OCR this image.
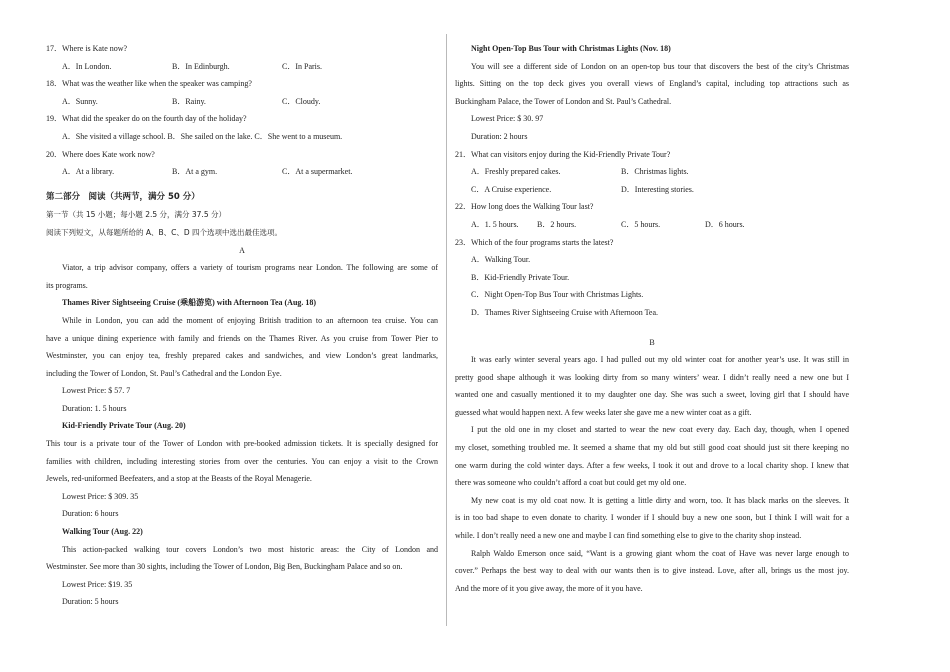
17．Where is Kate now?
A．In London.	B．In Edinburgh.	C．In Paris.
18．What was the weather like when the speaker was camping?
A．Sunny.	B．Rainy.	C．Cloudy.
19．What did the speaker do on the fourth day of the holiday?
A．She visited a village school. B．She sailed on the lake. C．She went to a museum.
20．Where does Kate work now?
A．At a library.	B．At a gym.	C．At a supermarket.
第二部分　阅读（共两节，满分 50 分）
第一节（共 15 小题；每小题 2.5 分，满分 37.5 分）
阅读下列短文，从每题所给的 A、B、C、D 四个选项中选出最佳选项。
A
Viator, a trip advisor company, offers a variety of tourism programs near London. The following are some of
its programs.
Thames River Sightseeing Cruise (乘船游览) with Afternoon Tea (Aug. 18)
While in London, you can add the moment of enjoying British tradition to an afternoon tea cruise. You can
have a unique dining experience with family and friends on the Thames River. As you cruise from Tower Pier to
Westminster, you can enjoy tea, freshly prepared cakes and sandwiches, and view London’s great landmarks,
including the Tower of London, St. Paul’s Cathedral and the London Eye.
Lowest Price: $ 57. 7
Duration: 1. 5 hours
Kid-Friendly Private Tour (Aug. 20)
This tour is a private tour of the Tower of London with pre-booked admission tickets. It is specially designed for
families with children, including interesting stories from over the centuries. You can enjoy a visit to the Crown
Jewels, red-uniformed Beefeaters, and a stop at the Beasts of the Royal Menagerie.
Lowest Price: $ 309. 35
Duration: 6 hours
Walking Tour (Aug. 22)
This action-packed walking tour covers London’s two most historic areas: the City of London and
Westminster. See more than 30 sights, including the Tower of London, Big Ben, Buckingham Palace and so on.
Lowest Price: $19. 35
Duration: 5 hours
Night Open-Top Bus Tour with Christmas Lights (Nov. 18)
You will see a different side of London on an open-top bus tour that discovers the best of the city’s Christmas
lights. Sitting on the top deck gives you overall views of England’s capital, including top attractions such as
Buckingham Palace, the Tower of London and St. Paul’s Cathedral.
Lowest Price: $ 30. 97
Duration: 2 hours
21．What can visitors enjoy during the Kid-Friendly Private Tour?
A．Freshly prepared cakes.	B．Christmas lights.
C．A Cruise experience.	D．Interesting stories.
22．How long does the Walking Tour last?
A．1. 5 hours.	B．2 hours.	C．5 hours.	D．6 hours.
23．Which of the four programs starts the latest?
A．Walking Tour.
B．Kid-Friendly Private Tour.
C．Night Open-Top Bus Tour with Christmas Lights.
D．Thames River Sightseeing Cruise with Afternoon Tea.
B
It was early winter several years ago. I had pulled out my old winter coat for another year’s use. It was still in
pretty good shape although it was looking dirty from so many winters’ wear. I didn’t really need a new one but I
wanted one and casually mentioned it to my daughter one day. She was such a sweet, loving girl that I should have
guessed what would happen next. A few weeks later she gave me a new winter coat as a gift.
I put the old one in my closet and started to wear the new coat every day. Each day, though, when I opened
my closet, something troubled me. It seemed a shame that my old but still good coat should just sit there keeping no
one warm during the cold winter days. After a few weeks, I took it out and drove to a local charity shop. I knew that
there was someone who couldn’t afford a coat but could get my old one.
My new coat is my old coat now. It is getting a little dirty and worn, too. It has black marks on the sleeves. It
is in too bad shape to even donate to charity. I wonder if I should buy a new one soon, but I think I will wait for a
while. I don’t really need a new one and maybe I can find something else to give to the charity shop instead.
Ralph Waldo Emerson once said, “Want is a growing giant whom the coat of Have was never large enough to
cover.” Perhaps the best way to deal with our wants then is to give instead. Love, after all, brings us the most joy.
And the more of it you give away, the more of it you have.
